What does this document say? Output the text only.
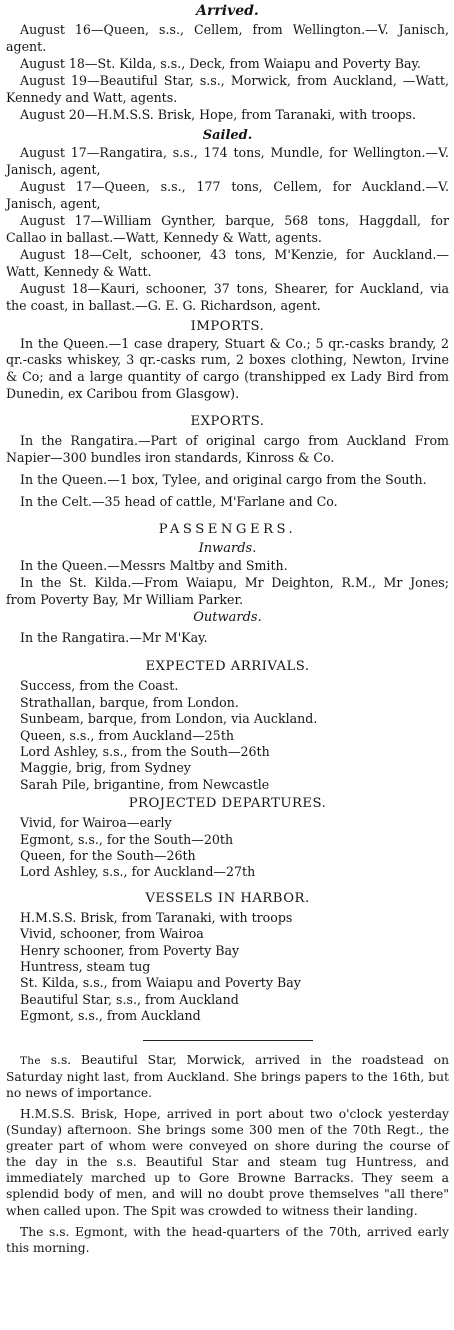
Arrived.

August 16—Queen, s.s., Cellem, from Wellington.—V. Janisch, agent.

August 18—St. Kilda, s.s., Deck, from Waiapu and Poverty Bay.

August 19—Beautiful Star, s.s., Morwick, from Auckland, —Watt, Kennedy and Watt, agents.

August 20—H.M.S.S. Brisk, Hope, from Taranaki, with troops.

Sailed.

August 17—Rangatira, s.s., 174 tons, Mundle, for Wellington.—V. Janisch, agent,

August 17—Queen, s.s., 177 tons, Cellem, for Auckland.—V. Janisch, agent,

August 17—William Gynther, barque, 568 tons, Haggdall, for Callao in ballast.—Watt, Kennedy & Watt, agents.

August 18—Celt, schooner, 43 tons, M'Kenzie, for Auckland.—Watt, Kennedy & Watt.

August 18—Kauri, schooner, 37 tons, Shearer, for Auckland, via the coast, in ballast.—G. E. G. Richardson, agent.

IMPORTS.

In the Queen.—1 case drapery, Stuart & Co.; 5 qr.-casks brandy, 2 qr.-casks whiskey, 3 qr.-casks rum, 2 boxes clothing, Newton, Irvine & Co; and a large quantity of cargo (transhipped ex Lady Bird from Dunedin, ex Caribou from Glasgow).

EXPORTS.

In the Rangatira.—Part of original cargo from Auckland From Napier—300 bundles iron standards, Kinross & Co.

In the Queen.—1 box, Tylee, and original cargo from the South.

In the Celt.—35 head of cattle, M'Farlane and Co.

PASSENGERS.
Inwards.

In the Queen.—Messrs Maltby and Smith.

In the St. Kilda.—From Waiapu, Mr Deighton, R.M., Mr Jones; from Poverty Bay, Mr William Parker.

Outwards.

In the Rangatira.—Mr M'Kay.

EXPECTED ARRIVALS.

Success, from the Coast.

Strathallan, barque, from London.

Sunbeam, barque, from London, via Auckland.

Queen, s.s., from Auckland—25th

Lord Ashley, s.s., from the South—26th

Maggie, brig, from Sydney

Sarah Pile, brigantine, from Newcastle

PROJECTED DEPARTURES.

Vivid, for Wairoa—early

Egmont, s.s., for the South—20th

Queen, for the South—26th

Lord Ashley, s.s., for Auckland—27th

VESSELS IN HARBOR.

H.M.S.S. Brisk, from Taranaki, with troops

Vivid, schooner, from Wairoa

Henry schooner, from Poverty Bay

Huntress, steam tug

St. Kilda, s.s., from Waiapu and Poverty Bay

Beautiful Star, s.s., from Auckland

Egmont, s.s., from Auckland

The s.s. Beautiful Star, Morwick, arrived in the roadstead on Saturday night last, from Auckland. She brings papers to the 16th, but no news of importance.

H.M.S.S. Brisk, Hope, arrived in port about two o'clock yesterday (Sunday) afternoon. She brings some 300 men of the 70th Regt., the greater part of whom were conveyed on shore during the course of the day in the s.s. Beautiful Star and steam tug Huntress, and immediately marched up to Gore Browne Barracks. They seem a splendid body of men, and will no doubt prove themselves "all there" when called upon. The Spit was crowded to witness their landing.

The s.s. Egmont, with the head-quarters of the 70th, arrived early this morning.
